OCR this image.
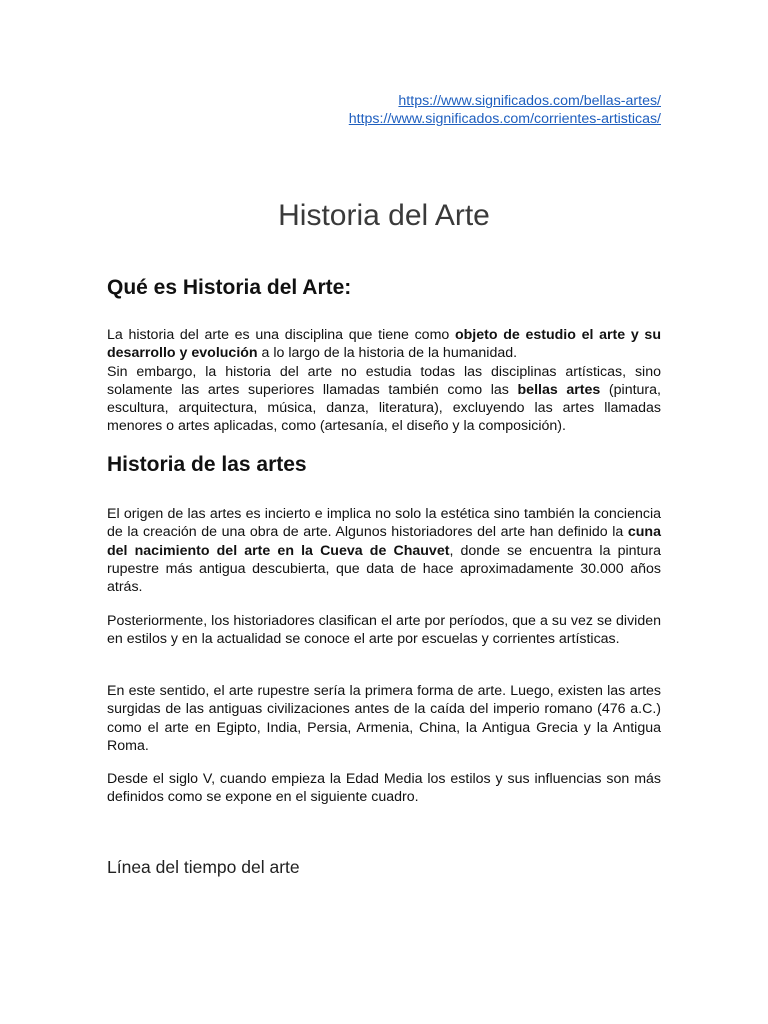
https://www.significados.com/bellas-artes/
https://www.significados.com/corrientes-artisticas/
Historia del Arte
Qué es Historia del Arte:

La historia del arte es una disciplina que tiene como objeto de estudio el arte y su desarrollo y evolución a lo largo de la historia de la humanidad.
Sin embargo, la historia del arte no estudia todas las disciplinas artísticas, sino solamente las artes superiores llamadas también como las bellas artes (pintura, escultura, arquitectura, música, danza, literatura), excluyendo las artes llamadas menores o artes aplicadas, como (artesanía, el diseño y la composición).

Historia de las artes

El origen de las artes es incierto e implica no solo la estética sino también la conciencia de la creación de una obra de arte. Algunos historiadores del arte han definido la cuna del nacimiento del arte en la Cueva de Chauvet, donde se encuentra la pintura rupestre más antigua descubierta, que data de hace aproximadamente 30.000 años atrás.

Posteriormente, los historiadores clasifican el arte por períodos, que a su vez se dividen en estilos y en la actualidad se conoce el arte por escuelas y corrientes artísticas.

En este sentido, el arte rupestre sería la primera forma de arte. Luego, existen las artes surgidas de las antiguas civilizaciones antes de la caída del imperio romano (476 a.C.) como el arte en Egipto, India, Persia, Armenia, China, la Antigua Grecia y la Antigua Roma.

Desde el siglo V, cuando empieza la Edad Media los estilos y sus influencias son más definidos como se expone en el siguiente cuadro.

Línea del tiempo del arte
